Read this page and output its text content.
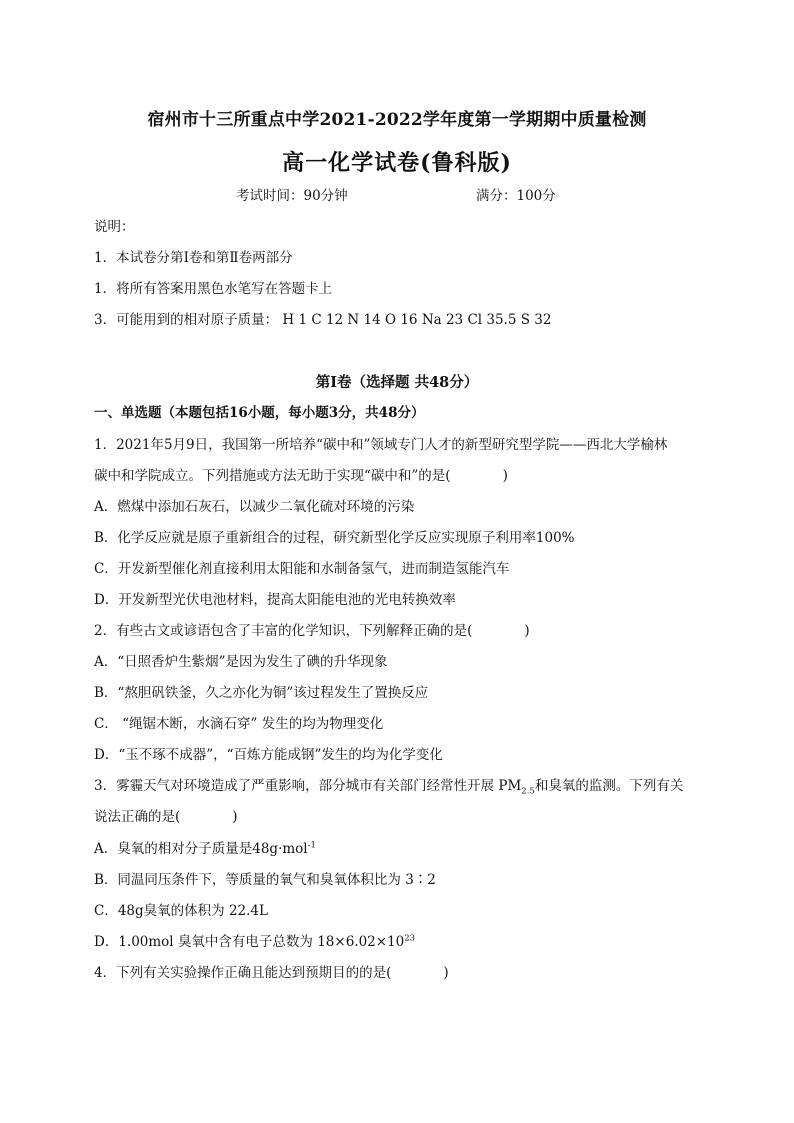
宿州市十三所重点中学2021-2022学年度第一学期期中质量检测
高一化学试卷(鲁科版)
考试时间：90分钟	满分：100分
说明：
1．本试卷分第Ⅰ卷和第Ⅱ卷两部分
1．将所有答案用黑色水笔写在答题卡上
3．可能用到的相对原子质量： H 1 C 12 N 14 O 16 Na 23 Cl 35.5 S 32
第Ⅰ卷（选择题 共48分）
一、单选题（本题包括16小题，每小题3分，共48分）
1．2021年5月9日，我国第一所培养“碳中和”领域专门人才的新型研究型学院——西北大学榆林
碳中和学院成立。下列措施或方法无助于实现“碳中和”的是(	)
A．燃煤中添加石灰石，以减少二氧化硫对环境的污染
B．化学反应就是原子重新组合的过程，研究新型化学反应实现原子利用率100%
C．开发新型催化剂直接利用太阳能和水制备氢气，进而制造氢能汽车
D．开发新型光伏电池材料，提高太阳能电池的光电转换效率
2．有些古文或谚语包含了丰富的化学知识，下列解释正确的是(	)
A．“日照香炉生紫烟”是因为发生了碘的升华现象
B．“熬胆矾铁釜，久之亦化为铜”该过程发生了置换反应
C． “绳锯木断，水滴石穿” 发生的均为物理变化
D．“玉不琢不成器”，“百炼方能成钢”发生的均为化学变化
3．雾霾天气对环境造成了严重影响，部分城市有关部门经常性开展 $PM_{2.5}$和臭氧的监测。下列有关
说法正确的是(	)
A．臭氧的相对分子质量是48g·mol$^{-1}$
B．同温同压条件下，等质量的氧气和臭氧体积比为 3∶2
C．48g臭氧的体积为 22.4L
D．1.00mol 臭氧中含有电子总数为 $18\times 6.02\times 10^{23}$
4．下列有关实验操作正确且能达到预期目的的是(	)
